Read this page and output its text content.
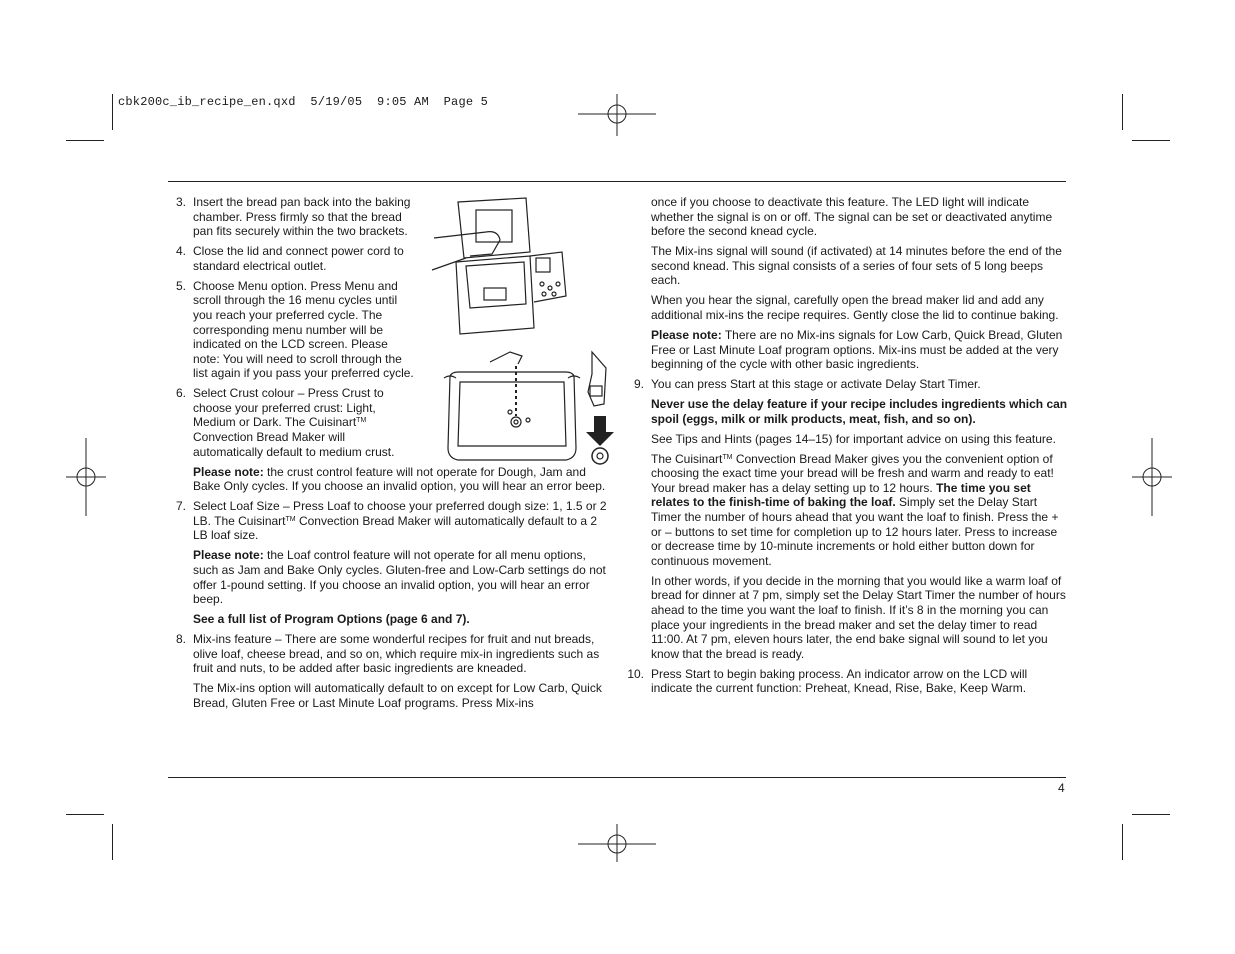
cbk200c_ib_recipe_en.qxd  5/19/05  9:05 AM  Page 5
4
3. Insert the bread pan back into the baking chamber. Press firmly so that the bread pan fits securely within the two brackets.

4. Close the lid and connect power cord to standard electrical outlet.

5. Choose Menu option. Press Menu and scroll through the 16 menu cycles until you reach your preferred cycle. The corresponding menu number will be indicated on the LCD screen. Please note: You will need to scroll through the list again if you pass your preferred cycle.

6. Select Crust colour – Press Crust to choose your preferred crust: Light, Medium or Dark. The Cuisinart™ Convection Bread Maker will automatically default to medium crust.

Please note: the crust control feature will not operate for Dough, Jam and Bake Only cycles. If you choose an invalid option, you will hear an error beep.

7. Select Loaf Size – Press Loaf to choose your preferred dough size: 1, 1.5 or 2 LB. The Cuisinart™ Convection Bread Maker will automatically default to a 2 LB loaf size.

Please note: the Loaf control feature will not operate for all menu options, such as Jam and Bake Only cycles. Gluten-free and Low-Carb settings do not offer 1-pound setting. If you choose an invalid option, you will hear an error beep.

See a full list of Program Options (page 6 and 7).

8. Mix-ins feature – There are some wonderful recipes for fruit and nut breads, olive loaf, cheese bread, and so on, which require mix-in ingredients such as fruit and nuts, to be added after basic ingredients are kneaded.

The Mix-ins option will automatically default to on except for Low Carb, Quick Bread, Gluten Free or Last Minute Loaf programs. Press Mix-ins

once if you choose to deactivate this feature. The LED light will indicate whether the signal is on or off. The signal can be set or deactivated anytime before the second knead cycle.

The Mix-ins signal will sound (if activated) at 14 minutes before the end of the second knead. This signal consists of a series of four sets of 5 long beeps each.

When you hear the signal, carefully open the bread maker lid and add any additional mix-ins the recipe requires. Gently close the lid to continue baking.

Please note: There are no Mix-ins signals for Low Carb, Quick Bread, Gluten Free or Last Minute Loaf program options. Mix-ins must be added at the very beginning of the cycle with other basic ingredients.

9. You can press Start at this stage or activate Delay Start Timer.

Never use the delay feature if your recipe includes ingredients which can spoil (eggs, milk or milk products, meat, fish, and so on).

See Tips and Hints (pages 14–15) for important advice on using this feature.

The Cuisinart™ Convection Bread Maker gives you the convenient option of choosing the exact time your bread will be fresh and warm and ready to eat! Your bread maker has a delay setting up to 12 hours. The time you set relates to the finish-time of baking the loaf. Simply set the Delay Start Timer the number of hours ahead that you want the loaf to finish. Press the + or – buttons to set time for completion up to 12 hours later. Press to increase or decrease time by 10-minute increments or hold either button down for continuous movement.

In other words, if you decide in the morning that you would like a warm loaf of bread for dinner at 7 pm, simply set the Delay Start Timer the number of hours ahead to the time you want the loaf to finish. If it’s 8 in the morning you can place your ingredients in the bread maker and set the delay timer to read 11:00. At 7 pm, eleven hours later, the end bake signal will sound to let you know that the bread is ready.

10. Press Start to begin baking process. An indicator arrow on the LCD will indicate the current function: Preheat, Knead, Rise, Bake, Keep Warm.
